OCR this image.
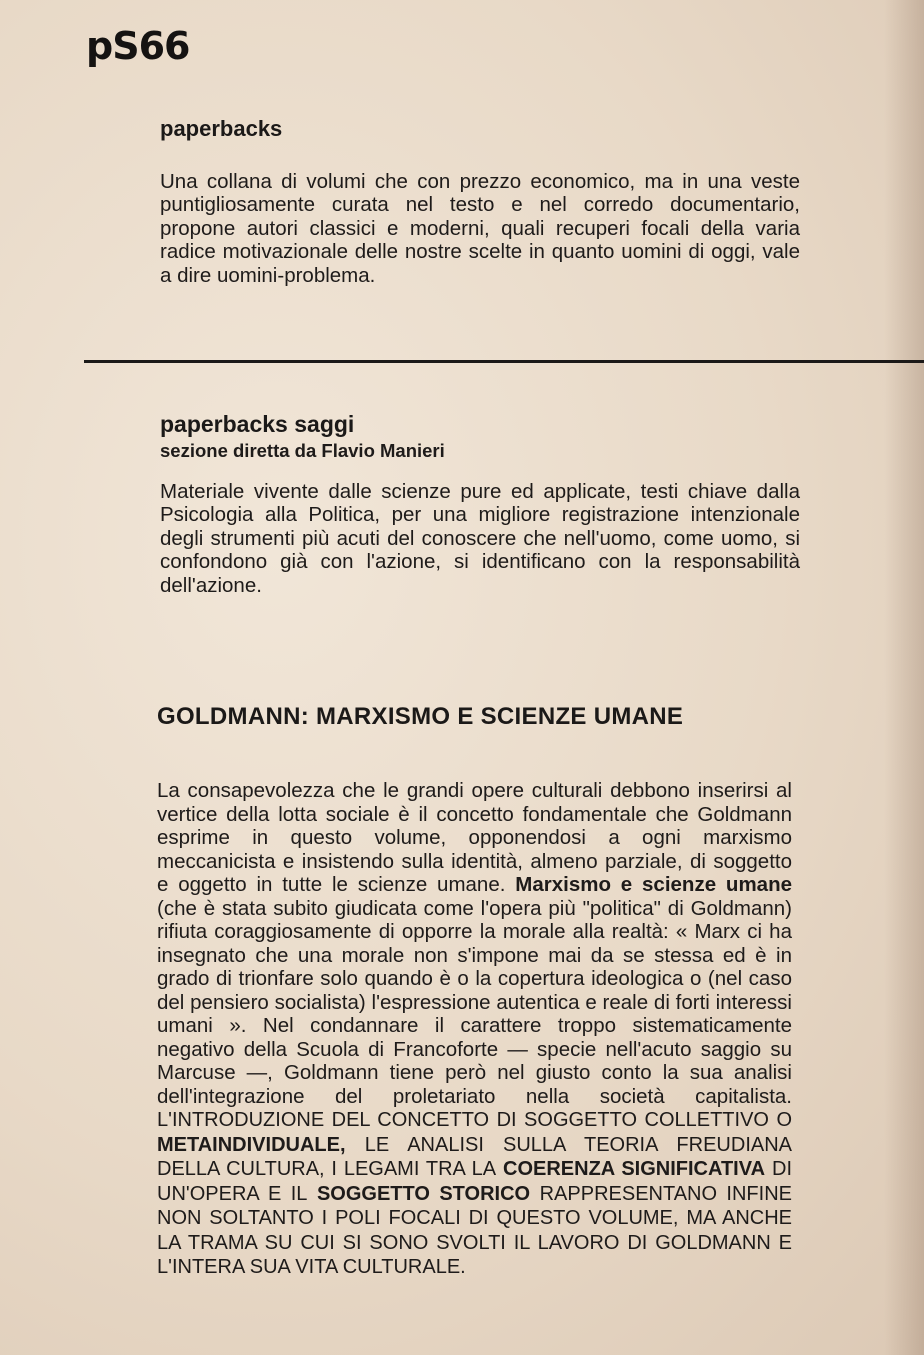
pS66
paperbacks

Una collana di volumi che con prezzo economico, ma in una veste puntigliosamente curata nel testo e nel corredo documentario, propone autori classici e moderni, quali recuperi focali della varia radice motivazionale delle nostre scelte in quanto uomini di oggi, vale a dire uomini-problema.

paperbacks saggi
sezione diretta da Flavio Manieri

Materiale vivente dalle scienze pure ed applicate, testi chiave dalla Psicologia alla Politica, per una migliore registrazione intenzionale degli strumenti più acuti del conoscere che nell'uomo, come uomo, si confondono già con l'azione, si identificano con la responsabilità dell'azione.

GOLDMANN: MARXISMO E SCIENZE UMANE

La consapevolezza che le grandi opere culturali debbono inserirsi al vertice della lotta sociale è il concetto fondamentale che Goldmann esprime in questo volume, opponendosi a ogni marxismo meccanicista e insistendo sulla identità, almeno parziale, di soggetto e oggetto in tutte le scienze umane. Marxismo e scienze umane (che è stata subito giudicata come l'opera più "politica" di Goldmann) rifiuta coraggiosamente di opporre la morale alla realtà: « Marx ci ha insegnato che una morale non s'impone mai da se stessa ed è in grado di trionfare solo quando è o la copertura ideologica o (nel caso del pensiero socialista) l'espressione autentica e reale di forti interessi umani ». Nel condannare il carattere troppo sistematicamente negativo della Scuola di Francoforte — specie nell'acuto saggio su Marcuse —, Goldmann tiene però nel giusto conto la sua analisi dell'integrazione del proletariato nella società capitalista. L'INTRODUZIONE DEL CONCETTO DI SOGGETTO COLLETTIVO O METAINDIVIDUALE, LE ANALISI SULLA TEORIA FREUDIANA DELLA CULTURA, I LEGAMI TRA LA COERENZA SIGNIFICATIVA DI UN'OPERA E IL SOGGETTO STORICO RAPPRESENTANO INFINE NON SOLTANTO I POLI FOCALI DI QUESTO VOLUME, MA ANCHE LA TRAMA SU CUI SI SONO SVOLTI IL LAVORO DI GOLDMANN E L'INTERA SUA VITA CULTURALE.
